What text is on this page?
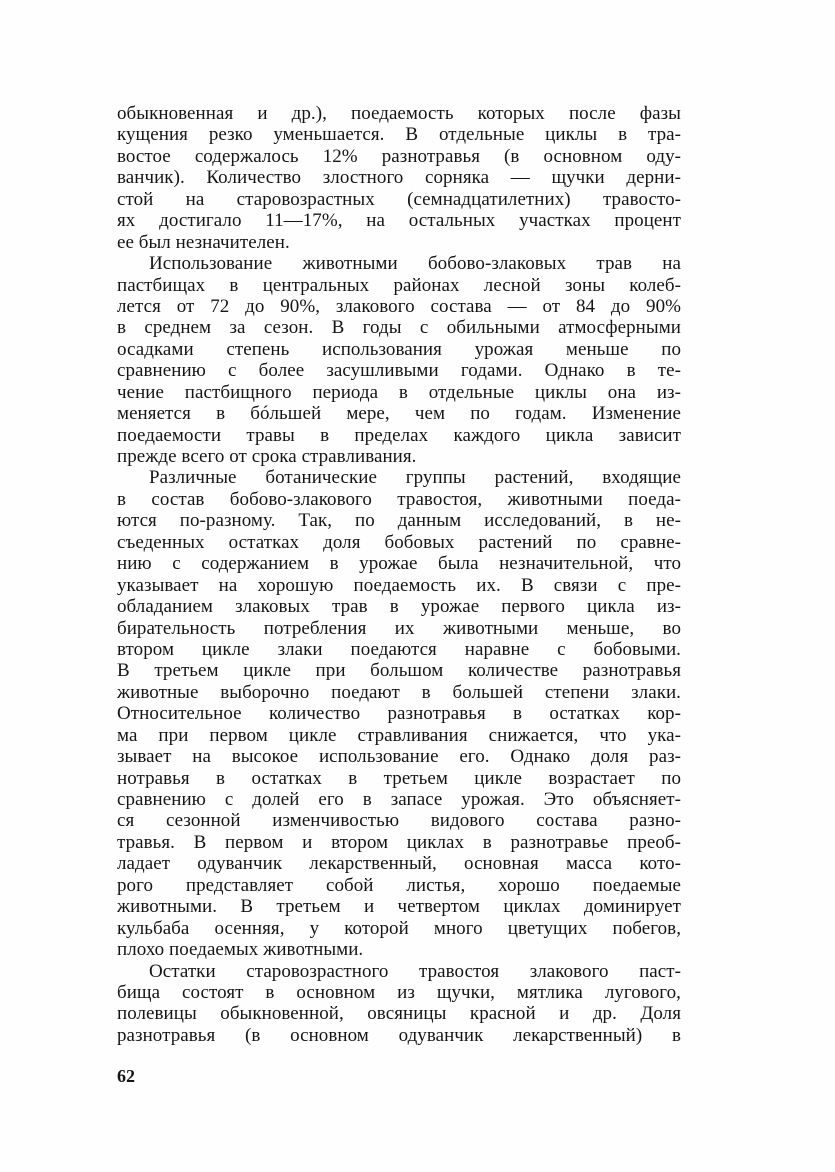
обыкновенная и др.), поедаемость которых после фазы
кущения резко уменьшается. В отдельные циклы в тра-
востое содержалось 12% разнотравья (в основном оду-
ванчик). Количество злостного сорняка — щучки дерни-
стой на старовозрастных (семнадцатилетних) травосто-
ях достигало 11—17%, на остальных участках процент
ее был незначителен.
Использование животными бобово-злаковых трав на
пастбищах в центральных районах лесной зоны колеб-
лется от 72 до 90%, злакового состава — от 84 до 90%
в среднем за сезон. В годы с обильными атмосферными
осадками степень использования урожая меньше по
сравнению с более засушливыми годами. Однако в те-
чение пастбищного периода в отдельные циклы она из-
меняется в бóльшей мере, чем по годам. Изменение
поедаемости травы в пределах каждого цикла зависит
прежде всего от срока стравливания.
Различные ботанические группы растений, входящие
в состав бобово-злакового травостоя, животными поеда-
ются по-разному. Так, по данным исследований, в не-
съеденных остатках доля бобовых растений по сравне-
нию с содержанием в урожае была незначительной, что
указывает на хорошую поедаемость их. В связи с пре-
обладанием злаковых трав в урожае первого цикла из-
бирательность потребления их животными меньше, во
втором цикле злаки поедаются наравне с бобовыми.
В третьем цикле при большом количестве разнотравья
животные выборочно поедают в большей степени злаки.
Относительное количество разнотравья в остатках кор-
ма при первом цикле стравливания снижается, что ука-
зывает на высокое использование его. Однако доля раз-
нотравья в остатках в третьем цикле возрастает по
сравнению с долей его в запасе урожая. Это объясняет-
ся сезонной изменчивостью видового состава разно-
травья. В первом и втором циклах в разнотравье преоб-
ладает одуванчик лекарственный, основная масса кото-
рого представляет собой листья, хорошо поедаемые
животными. В третьем и четвертом циклах доминирует
кульбаба осенняя, у которой много цветущих побегов,
плохо поедаемых животными.
Остатки старовозрастного травостоя злакового паст-
бища состоят в основном из щучки, мятлика лугового,
полевицы обыкновенной, овсяницы красной и др. Доля
разнотравья (в основном одуванчик лекарственный) в
62
